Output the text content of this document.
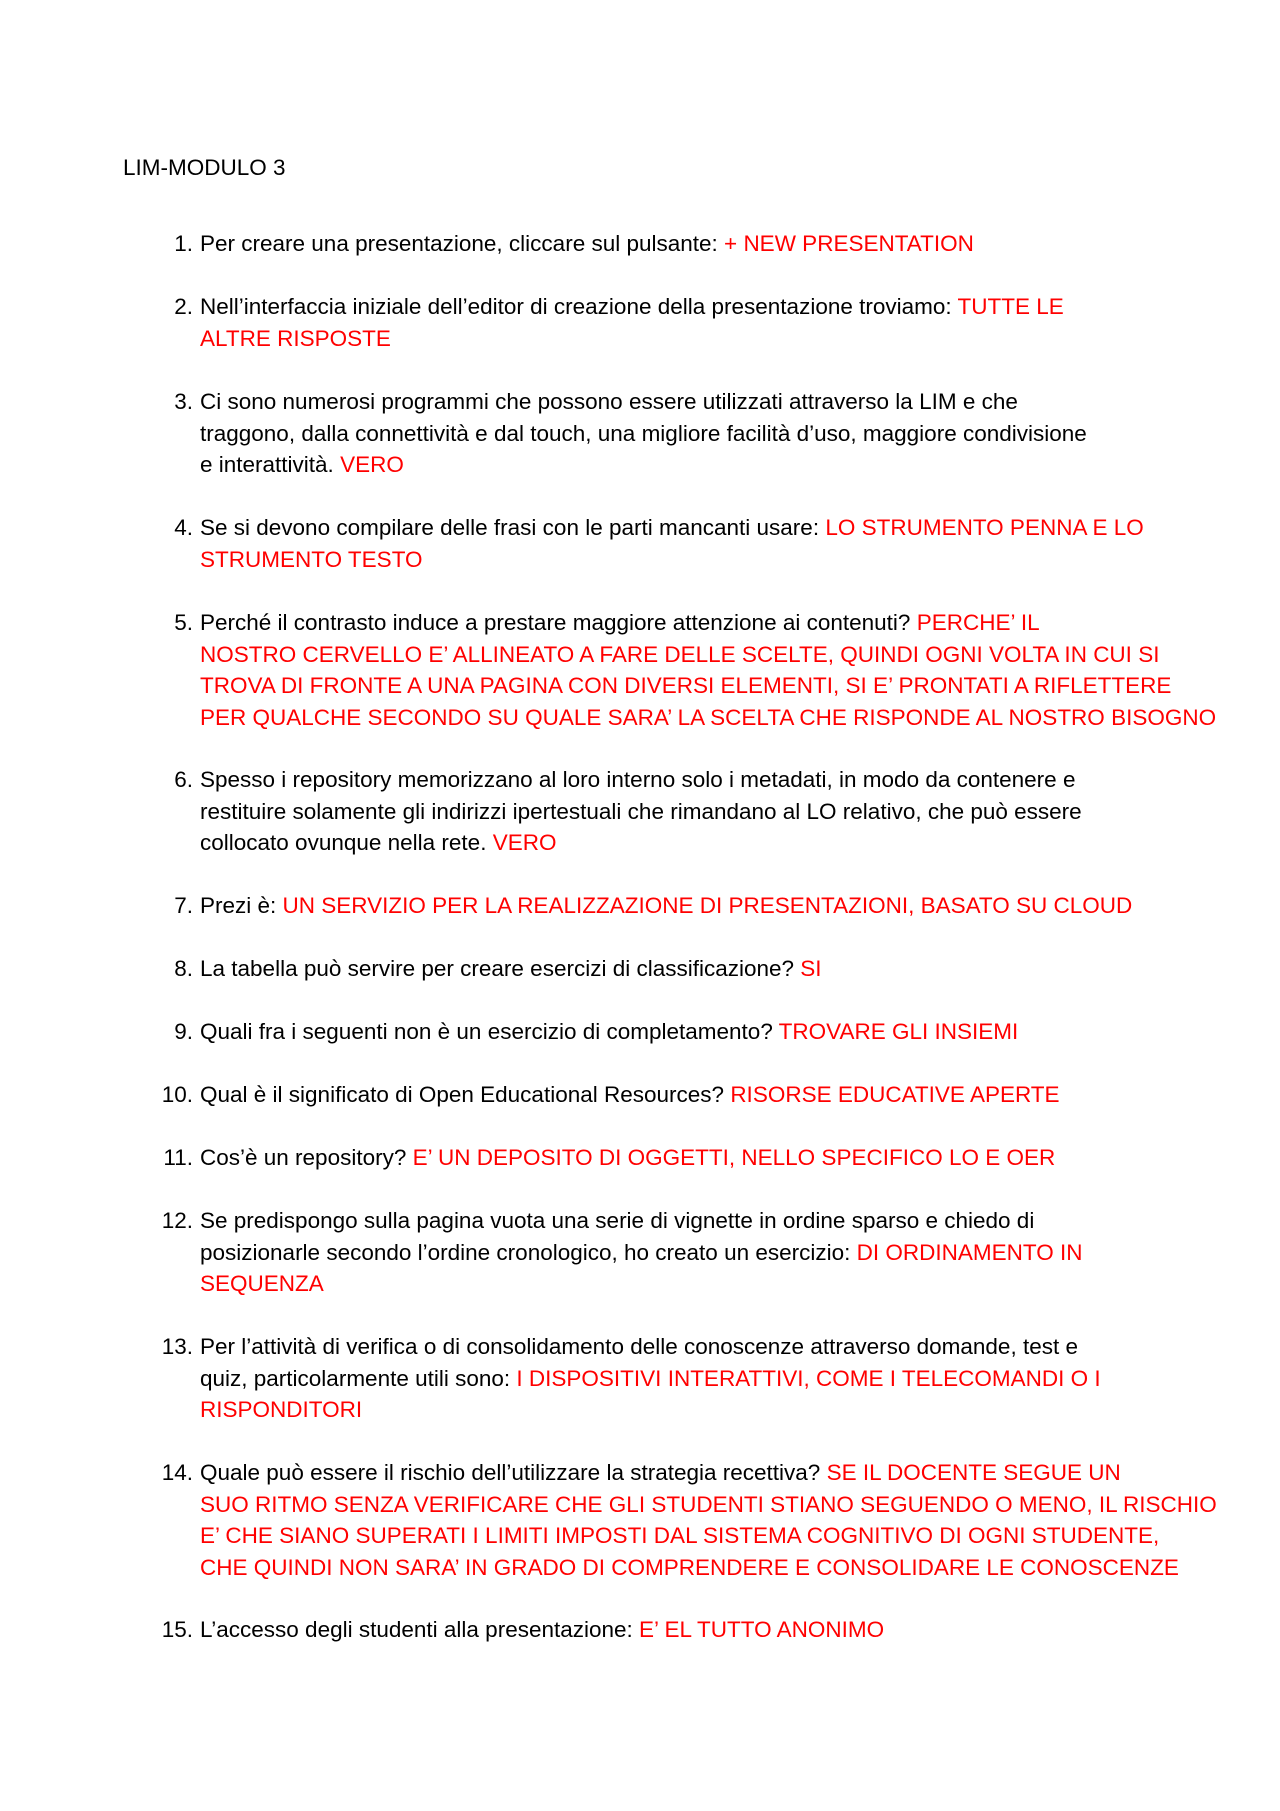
LIM-MODULO 3
1. Per creare una presentazione, cliccare sul pulsante: + NEW PRESENTATION
2. Nell’interfaccia iniziale dell’editor di creazione della presentazione troviamo: TUTTE LE
ALTRE RISPOSTE
3. Ci sono numerosi programmi che possono essere utilizzati attraverso la LIM e che
traggono, dalla connettività e dal touch, una migliore facilità d’uso, maggiore condivisione
e interattività. VERO
4. Se si devono compilare delle frasi con le parti mancanti usare: LO STRUMENTO PENNA E LO
STRUMENTO TESTO
5. Perché il contrasto induce a prestare maggiore attenzione ai contenuti? PERCHE’ IL
NOSTRO CERVELLO E’ ALLINEATO A FARE DELLE SCELTE, QUINDI OGNI VOLTA IN CUI SI
TROVA DI FRONTE A UNA PAGINA CON DIVERSI ELEMENTI, SI E’ PRONTATI A RIFLETTERE
PER QUALCHE SECONDO SU QUALE SARA’ LA SCELTA CHE RISPONDE AL NOSTRO BISOGNO
6. Spesso i repository memorizzano al loro interno solo i metadati, in modo da contenere e
restituire solamente gli indirizzi ipertestuali che rimandano al LO relativo, che può essere
collocato ovunque nella rete. VERO
7. Prezi è: UN SERVIZIO PER LA REALIZZAZIONE DI PRESENTAZIONI, BASATO SU CLOUD
8. La tabella può servire per creare esercizi di classificazione? SI
9. Quali fra i seguenti non è un esercizio di completamento? TROVARE GLI INSIEMI
10. Qual è il significato di Open Educational Resources? RISORSE EDUCATIVE APERTE
11. Cos’è un repository? E’ UN DEPOSITO DI OGGETTI, NELLO SPECIFICO LO E OER
12. Se predispongo sulla pagina vuota una serie di vignette in ordine sparso e chiedo di
posizionarle secondo l’ordine cronologico, ho creato un esercizio: DI ORDINAMENTO IN
SEQUENZA
13. Per l’attività di verifica o di consolidamento delle conoscenze attraverso domande, test e
quiz, particolarmente utili sono: I DISPOSITIVI INTERATTIVI, COME I TELECOMANDI O I
RISPONDITORI
14. Quale può essere il rischio dell’utilizzare la strategia recettiva? SE IL DOCENTE SEGUE UN
SUO RITMO SENZA VERIFICARE CHE GLI STUDENTI STIANO SEGUENDO O MENO, IL RISCHIO
E’ CHE SIANO SUPERATI I LIMITI IMPOSTI DAL SISTEMA COGNITIVO DI OGNI STUDENTE,
CHE QUINDI NON SARA’ IN GRADO DI COMPRENDERE E CONSOLIDARE LE CONOSCENZE
15. L’accesso degli studenti alla presentazione: E’ EL TUTTO ANONIMO
